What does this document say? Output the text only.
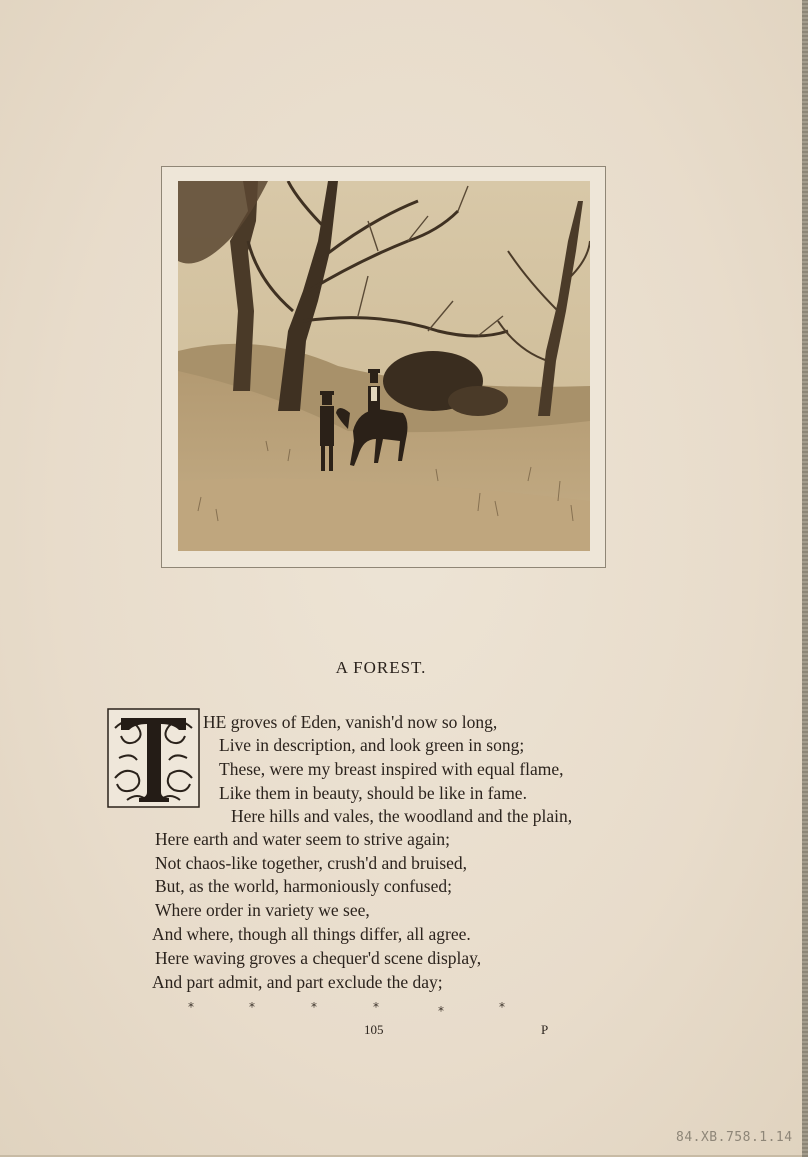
A FOREST.
HE groves of Eden, vanish'd now so long,
Live in description, and look green in song;
These, were my breast inspired with equal flame,
Like them in beauty, should be like in fame.
Here hills and vales, the woodland and the plain,
Here earth and water seem to strive again;
Not chaos-like together, crush'd and bruised,
But, as the world, harmoniously confused;
Where order in variety we see,
And where, though all things differ, all agree.
Here waving groves a chequer'd scene display,
And part admit, and part exclude the day;
*	*	*	*	*	*
105	P
84.XB.758.1.14
